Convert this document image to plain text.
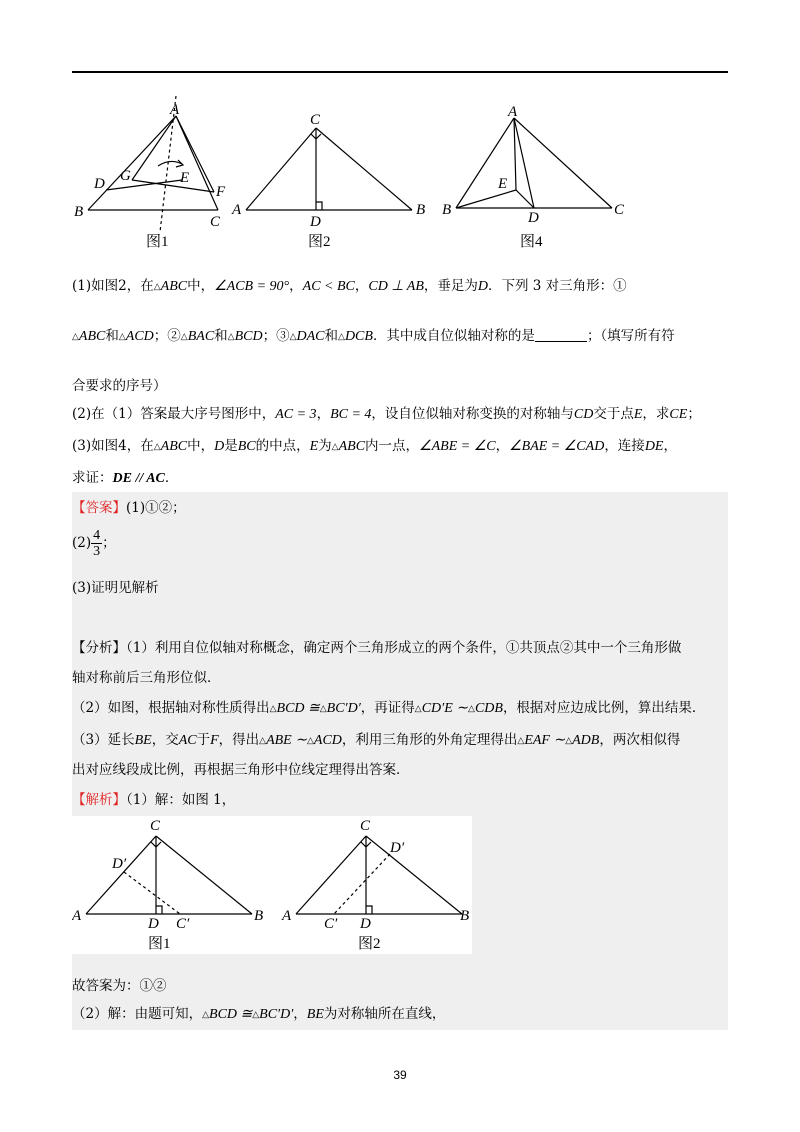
A
B
C
D	E
F
G
图1
C
A	B
D
图2
A
B	C
D
E
图4
(1)如图2，在△ABC中，∠ACB = 90°，AC < BC，CD ⊥ AB，垂足为D．下列 3 对三角形：①
△ABC和△ACD；②△BAC和△BCD；③△DAC和△DCB．其中成自位似轴对称的是	；（填写所有符
合要求的序号）
(2)在（1）答案最大序号图形中，AC = 3，BC = 4，设自位似轴对称变换的对称轴与CD交于点E，求CE；
(3)如图4，在△ABC中，D是BC的中点，E为△ABC内一点，∠ABE = ∠C，∠BAE = ∠CAD，连接DE，
求证：DE // AC．
【答案】(1)①②；
$(2) \frac{4}{3}$ ；
(3)证明见解析
【分析】（1）利用自位似轴对称概念，确定两个三角形成立的两个条件，①共顶点②其中一个三角形做
轴对称前后三角形位似．
（2）如图，根据轴对称性质得出△BCD ≅△BC′D′，再证得△CD′E ∼△CDB，根据对应边成比例，算出结果．
（3）延长BE，交AC于F，得出△ABE ∼△ACD，利用三角形的外角定理得出△EAF ∼△ADB，两次相似得
出对应线段成比例，再根据三角形中位线定理得出答案．
【解析】（1）解：如图 1，
C
A	B
D
D′
C′
图1
C
A	B
D
D′
C′
图2
故答案为：①②
（2）解：由题可知，△BCD ≅△BC′D′，BE为对称轴所在直线，
39
